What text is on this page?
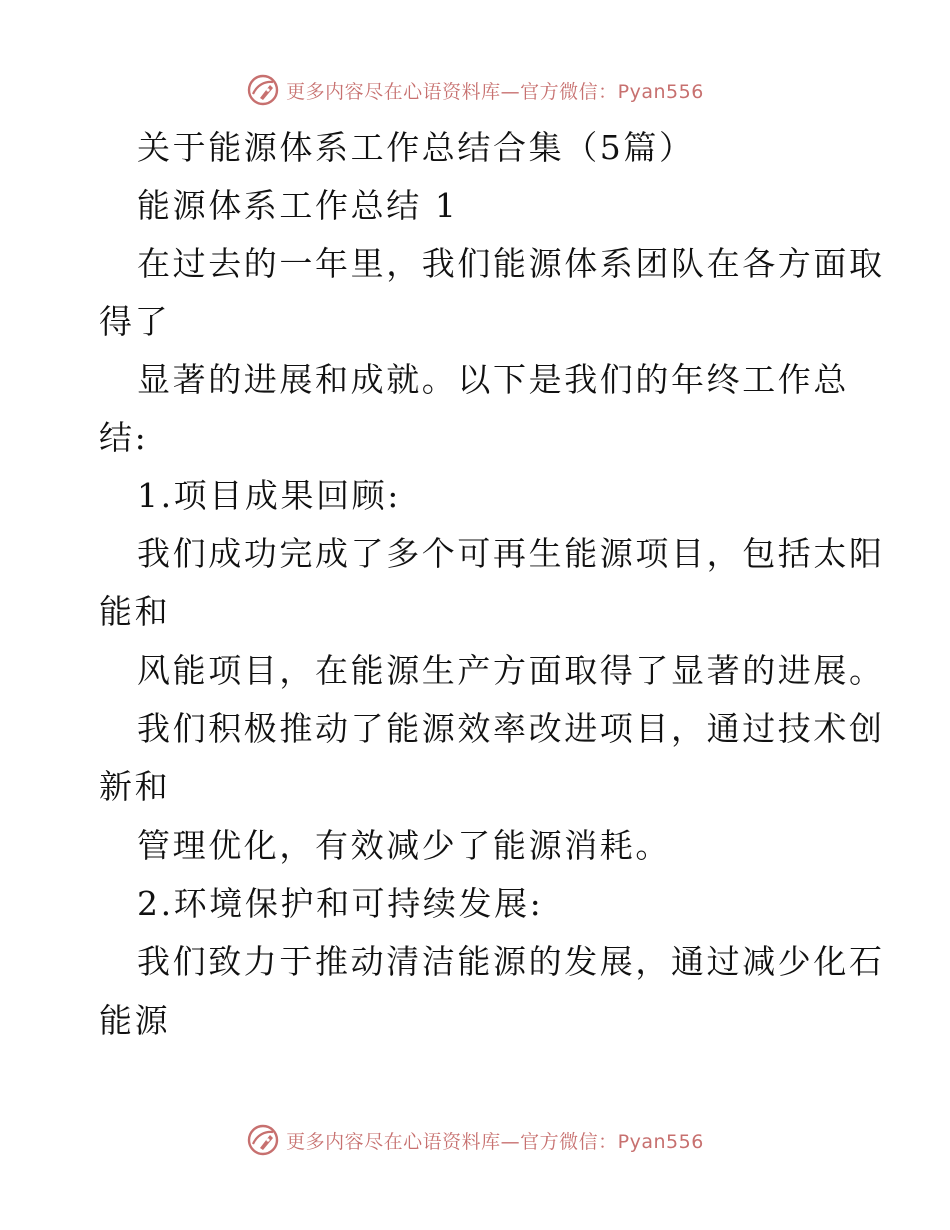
更多内容尽在心语资料库—官方微信：Pyan556
关于能源体系工作总结合集（5篇）
能源体系工作总结 1
在过去的一年里，我们能源体系团队在各方面取
得了
显著的进展和成就。以下是我们的年终工作总
结:
1.项目成果回顾:
我们成功完成了多个可再生能源项目，包括太阳
能和
风能项目，在能源生产方面取得了显著的进展。
我们积极推动了能源效率改进项目，通过技术创
新和
管理优化，有效减少了能源消耗。
2.环境保护和可持续发展:
我们致力于推动清洁能源的发展，通过减少化石
能源
更多内容尽在心语资料库—官方微信：Pyan556
